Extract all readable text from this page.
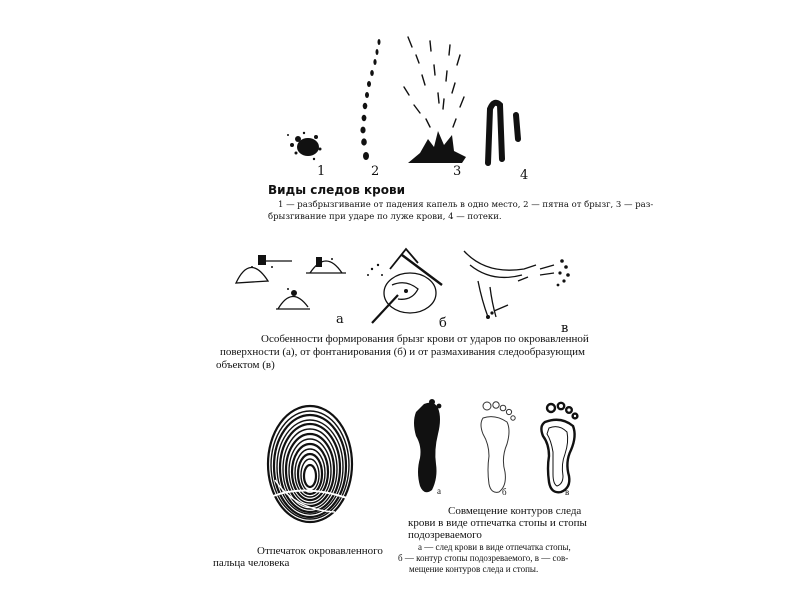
1	2	3	4
Виды следов крови
1 — разбрызгивание от падения капель в одно место, 2 — пятна от брызг, 3 — раз-
брызгивание при ударе по луже крови, 4 — потеки.
а	б	в
Особенности формирования брызг крови от ударов по окровавленной
поверхности (а), от фонтанирования (б) и от размахивания следообразующим
объектом (в)
Отпечаток окровавленного
пальца человека
а	б	в
Совмещение контуров следа
крови в виде отпечатка стопы и стопы
подозреваемого
а — след крови в виде отпечатка стопы,
б — контур стопы подозреваемого, в — сов-
мещение контуров следа и стопы.
